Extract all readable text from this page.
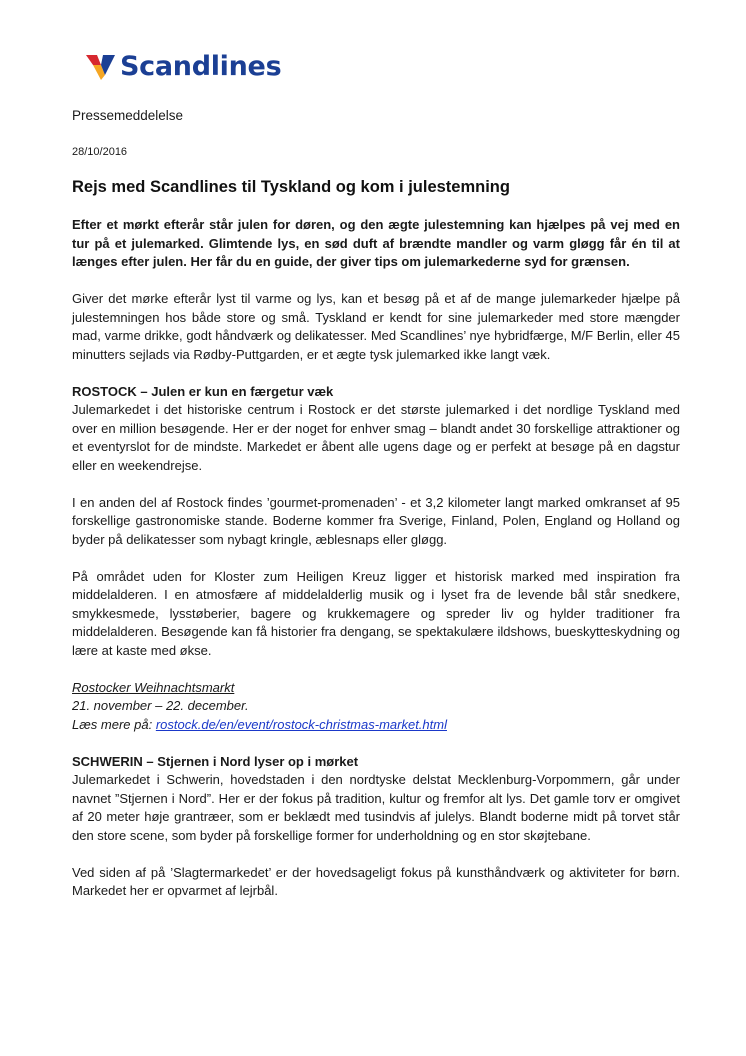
Scandlines

Pressemeddelelse

28/10/2016

Rejs med Scandlines til Tyskland og kom i julestemning

Efter et mørkt efterår står julen for døren, og den ægte julestemning kan hjælpes på vej med en tur på et julemarked. Glimtende lys, en sød duft af brændte mandler og varm gløgg får én til at længes efter julen. Her får du en guide, der giver tips om julemarkederne syd for grænsen.

Giver det mørke efterår lyst til varme og lys, kan et besøg på et af de mange julemarkeder hjælpe på julestemningen hos både store og små. Tyskland er kendt for sine julemarkeder med store mængder mad, varme drikke, godt håndværk og delikatesser. Med Scandlines’ nye hybridfærge, M/F Berlin, eller 45 minutters sejlads via Rødby-Puttgarden, er et ægte tysk julemarked ikke langt væk.

ROSTOCK – Julen er kun en færgetur væk

Julemarkedet i det historiske centrum i Rostock er det største julemarked i det nordlige Tyskland med over en million besøgende. Her er der noget for enhver smag – blandt andet 30 forskellige attraktioner og et eventyrslot for de mindste. Markedet er åbent alle ugens dage og er perfekt at besøge på en dagstur eller en weekendrejse.

I en anden del af Rostock findes ’gourmet-promenaden’ - et 3,2 kilometer langt marked omkranset af 95 forskellige gastronomiske stande. Boderne kommer fra Sverige, Finland, Polen, England og Holland og byder på delikatesser som nybagt kringle, æblesnaps eller gløgg.

På området uden for Kloster zum Heiligen Kreuz ligger et historisk marked med inspiration fra middelalderen. I en atmosfære af middelalderlig musik og i lyset fra de levende bål står snedkere, smykkesmede, lysstøberier, bagere og krukkemagere og spreder liv og hylder traditioner fra middelalderen. Besøgende kan få historier fra dengang, se spektakulære ildshows, bueskytteskydning og lære at kaste med økse.

Rostocker Weihnachtsmarkt

21. november – 22. december.

Læs mere på: rostock.de/en/event/rostock-christmas-market.html

SCHWERIN – Stjernen i Nord lyser op i mørket

Julemarkedet i Schwerin, hovedstaden i den nordtyske delstat Mecklenburg-Vorpommern, går under navnet ”Stjernen i Nord”. Her er der fokus på tradition, kultur og fremfor alt lys. Det gamle torv er omgivet af 20 meter høje grantræer, som er beklædt med tusindvis af julelys. Blandt boderne midt på torvet står den store scene, som byder på forskellige former for underholdning og en stor skøjtebane.

Ved siden af på ’Slagtermarkedet’ er der hovedsageligt fokus på kunsthåndværk og aktiviteter for børn. Markedet her er opvarmet af lejrbål.
